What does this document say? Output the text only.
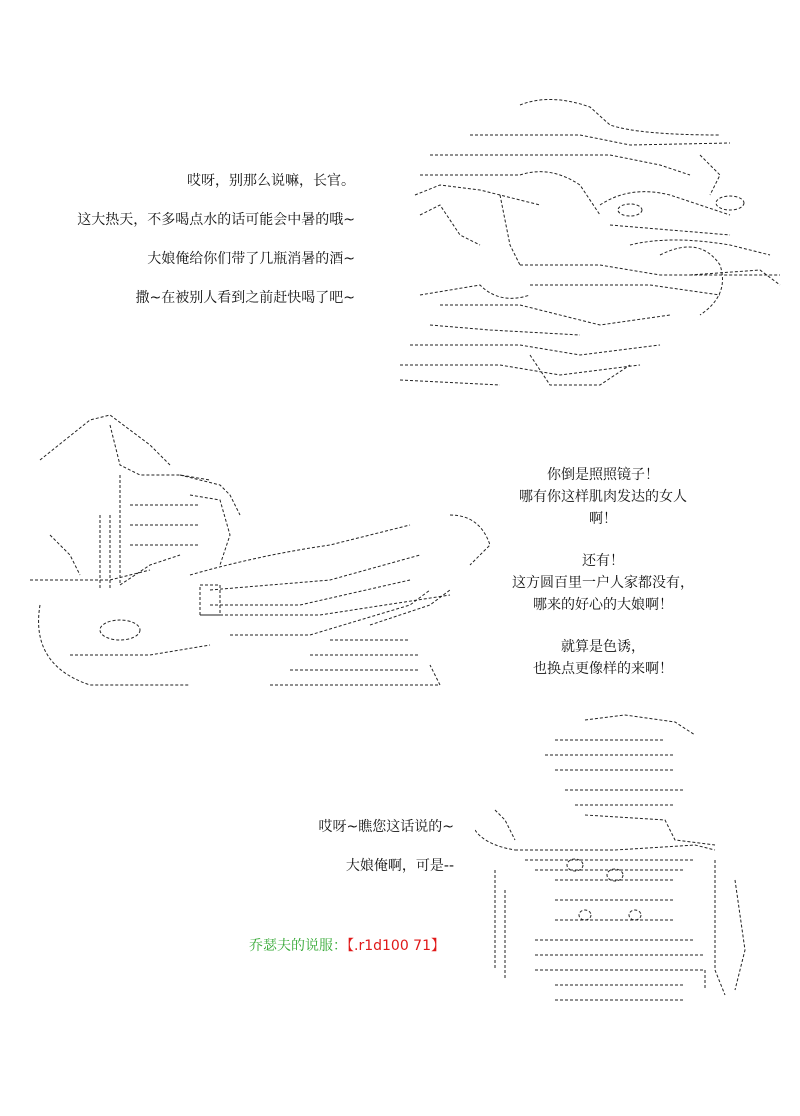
哎呀，别那么说嘛，长官。
这大热天，不多喝点水的话可能会中暑的哦~
大娘俺给你们带了几瓶消暑的酒~
撒~在被别人看到之前赶快喝了吧~
你倒是照照镜子！
哪有你这样肌肉发达的女人
啊！
还有！
这方圆百里一户人家都没有，
哪来的好心的大娘啊！
就算是色诱，
也换点更像样的来啊！
哎呀~瞧您这话说的~
大娘俺啊，可是--
乔瑟夫的说服：【.r1d100 71】
